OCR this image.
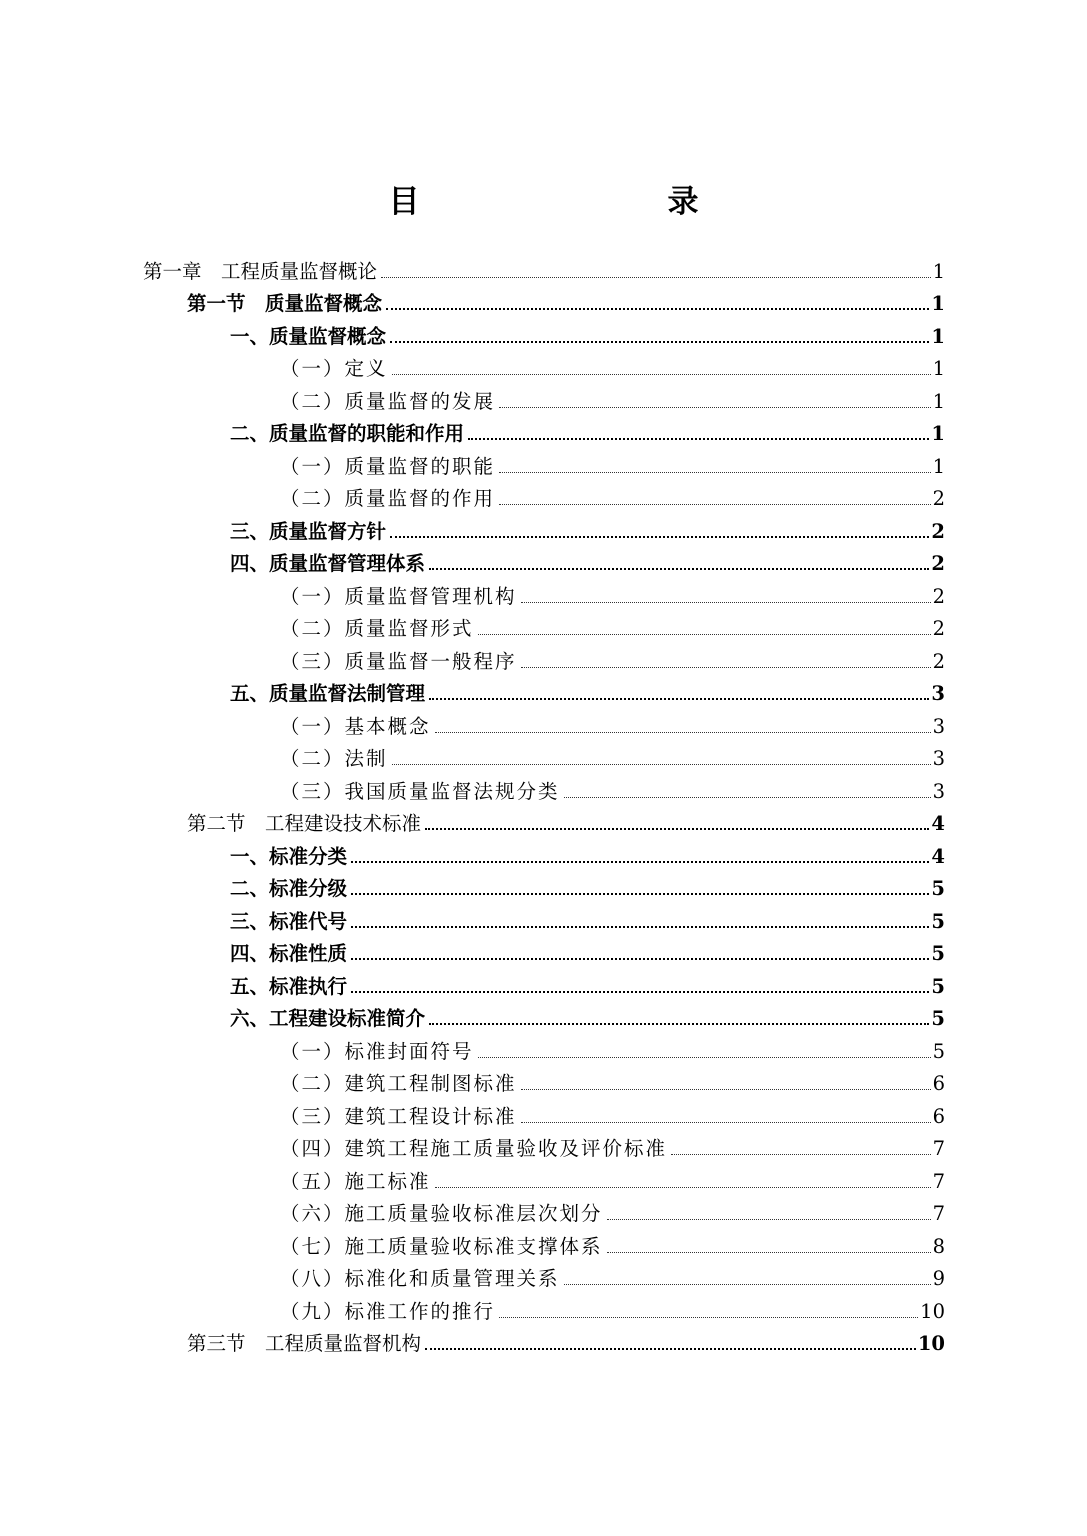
目　　录
第一章　工程质量监督概论	1
第一节　质量监督概念	1
一、质量监督概念	1
（一）定义	1
（二）质量监督的发展	1
二、质量监督的职能和作用	1
（一）质量监督的职能	1
（二）质量监督的作用	2
三、质量监督方针	2
四、质量监督管理体系	2
（一）质量监督管理机构	2
（二）质量监督形式	2
（三）质量监督一般程序	2
五、质量监督法制管理	3
（一）基本概念	3
（二）法制	3
（三）我国质量监督法规分类	3
第二节　工程建设技术标准	4
一、标准分类	4
二、标准分级	5
三、标准代号	5
四、标准性质	5
五、标准执行	5
六、工程建设标准简介	5
（一）标准封面符号	5
（二）建筑工程制图标准	6
（三）建筑工程设计标准	6
（四）建筑工程施工质量验收及评价标准	7
（五）施工标准	7
（六）施工质量验收标准层次划分	7
（七）施工质量验收标准支撑体系	8
（八）标准化和质量管理关系	9
（九）标准工作的推行	10
第三节　工程质量监督机构	10
